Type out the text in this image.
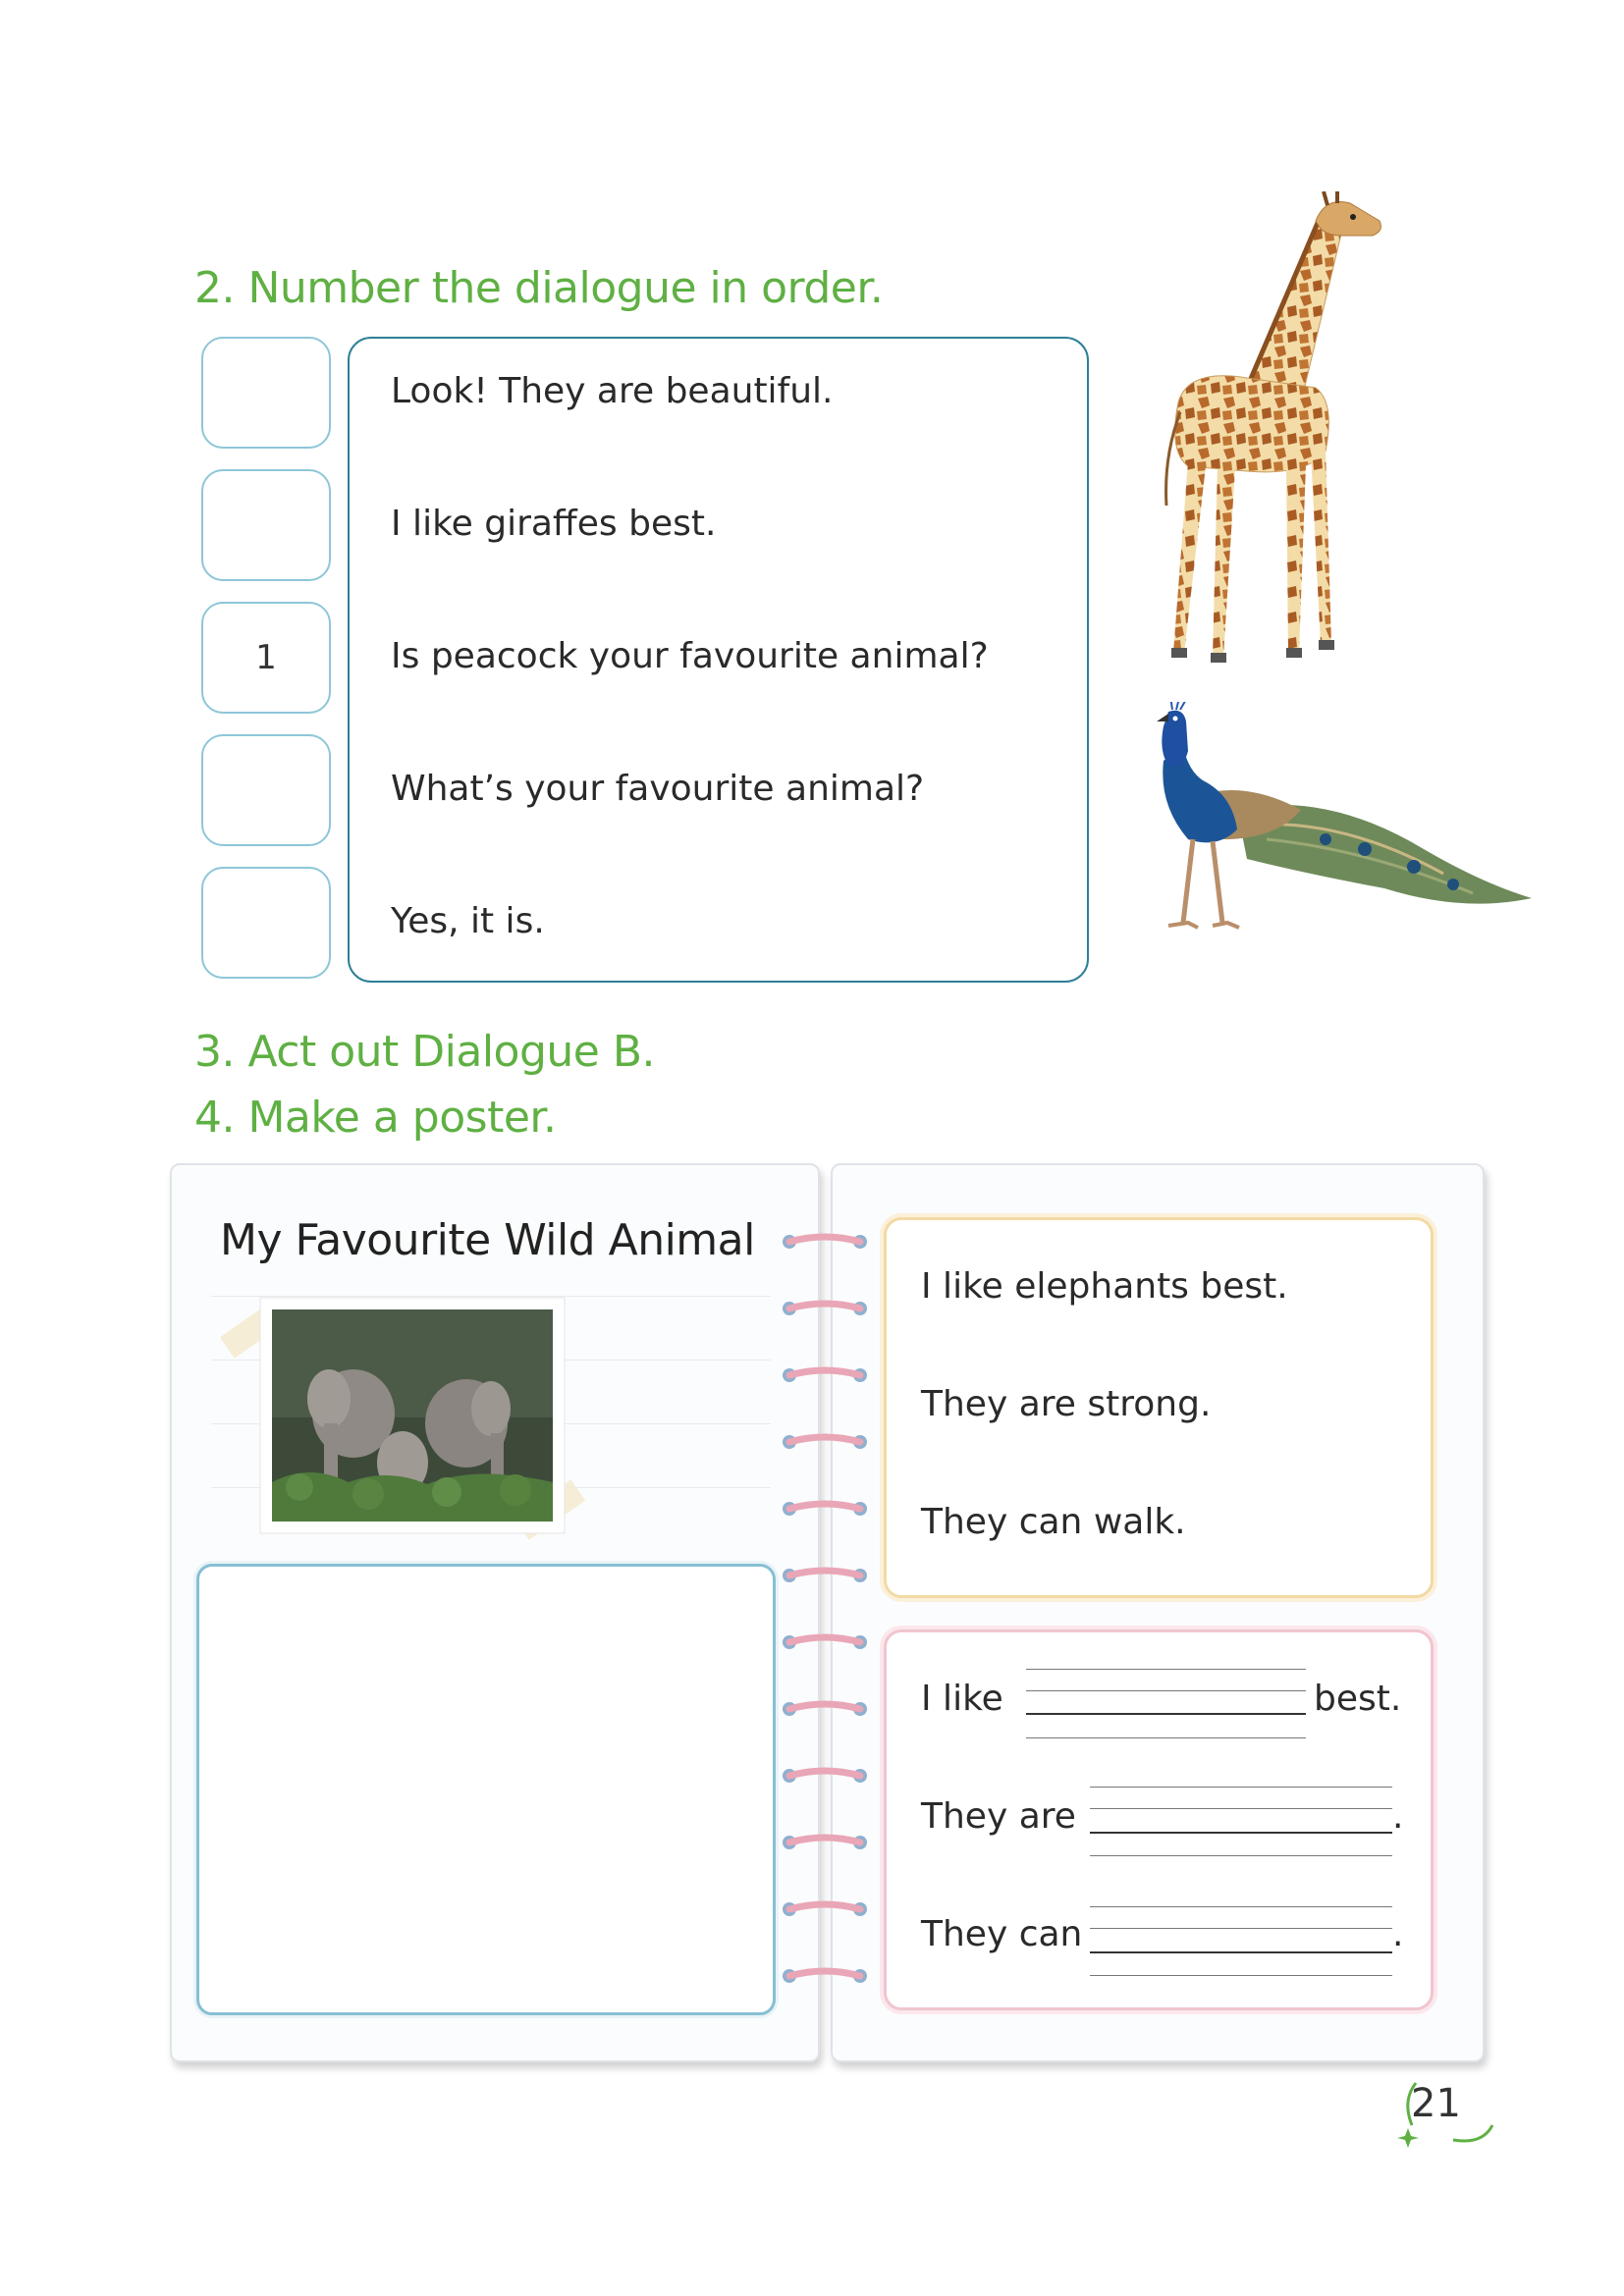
2. Number the dialogue in order.
1
Look! They are beautiful.
I like giraffes best.
Is peacock your favourite animal?
What’s your favourite animal?
Yes, it is.
3. Act out Dialogue B.
4. Make a poster.
My Favourite Wild Animal
I like elephants best.
They are strong.
They can walk.
I like	best.
They are	.
They can	.
21
